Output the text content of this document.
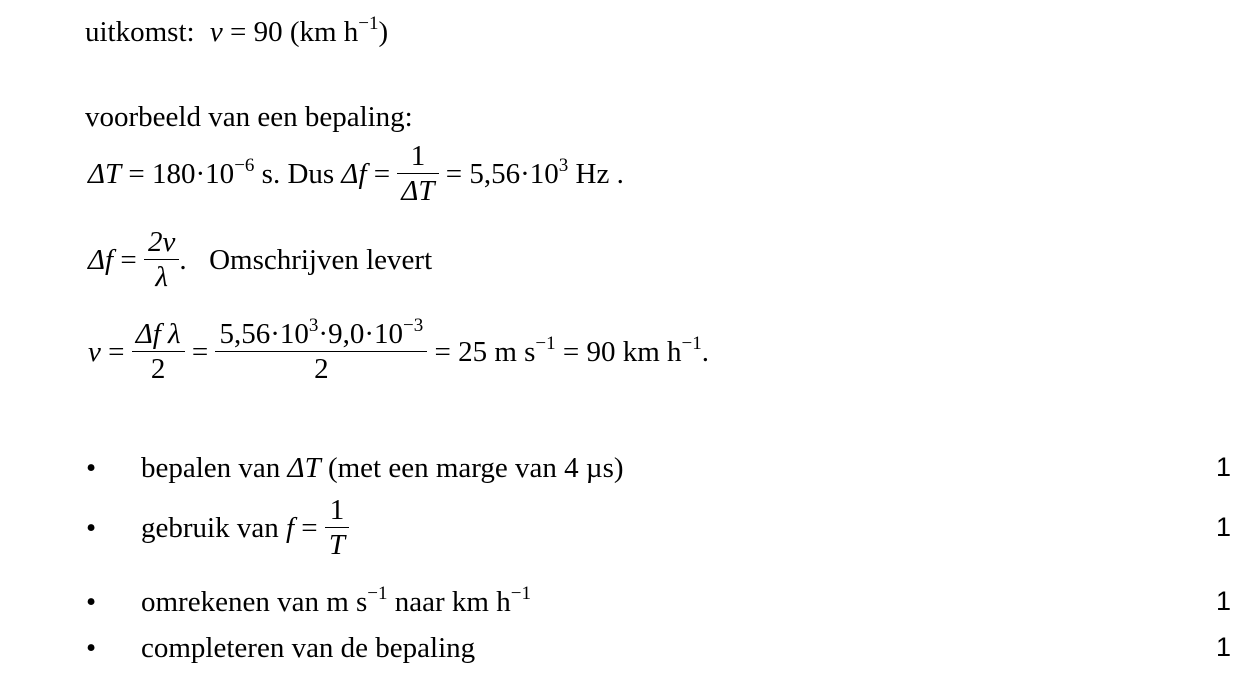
uitkomst: v = 90 (km $h^{-1}$)
voorbeeld van een bepaling:
$\Delta T = 180\cdot 10^{-6}$ s. Dus $\Delta f = \frac{1}{\Delta T} = 5,56\cdot 10^3$ Hz .
$\Delta f = \frac{2v}{\lambda}$ . Omschrijven levert
$v = \frac{\text{Δf λ}}{2} = \frac{5,56\cdot 10^3\cdot 9,0\cdot 10^{-3}}{2} = 25$ m $s^{-1} = 90$ km $h^{-1}$.
• bepalen van ΔT (met een marge van 4 µs)	1
• gebruik van $f = \frac{1}{T}$	1
• omrekenen van m $s^{-1}$ naar km $h^{-1}$	1
• completeren van de bepaling	1
